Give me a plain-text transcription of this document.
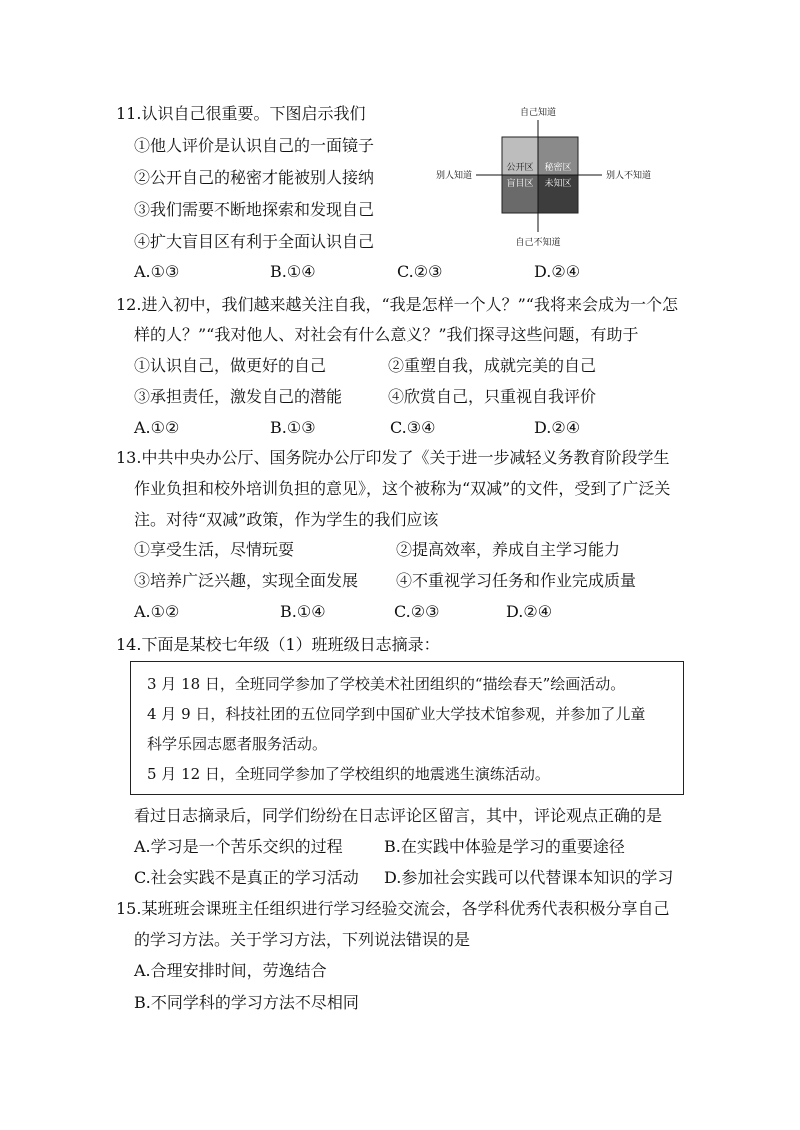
11.认识自己很重要。下图启示我们
①他人评价是认识自己的一面镜子
②公开自己的秘密才能被别人接纳
③我们需要不断地探索和发现自己
④扩大盲目区有利于全面认识自己
A.①③	B.①④	C.②③	D.②④
自己知道
自己不知道
别人知道	别人不知道
公开区 秘密区
盲目区 未知区
12.进入初中，我们越来越关注自我，“我是怎样一个人？”“我将来会成为一个怎
样的人？”“我对他人、对社会有什么意义？”我们探寻这些问题，有助于
①认识自己，做更好的自己	②重塑自我，成就完美的自己
③承担责任，激发自己的潜能	④欣赏自己，只重视自我评价
A.①②	B.①③	C.③④	D.②④
13.中共中央办公厅、国务院办公厅印发了《关于进一步减轻义务教育阶段学生
作业负担和校外培训负担的意见》，这个被称为“双减”的文件，受到了广泛关
注。对待“双减”政策，作为学生的我们应该
①享受生活，尽情玩耍	②提高效率，养成自主学习能力
③培养广泛兴趣，实现全面发展 ④不重视学习任务和作业完成质量
A.①②	B.①④	C.②③	D.②④
14.下面是某校七年级（1）班班级日志摘录：
3 月 18 日，全班同学参加了学校美术社团组织的“描绘春天”绘画活动。
4 月 9 日，科技社团的五位同学到中国矿业大学技术馆参观，并参加了儿童
科学乐园志愿者服务活动。
5 月 12 日，全班同学参加了学校组织的地震逃生演练活动。
看过日志摘录后，同学们纷纷在日志评论区留言，其中，评论观点正确的是
A.学习是一个苦乐交织的过程	B.在实践中体验是学习的重要途径
C.社会实践不是真正的学习活动 D.参加社会实践可以代替课本知识的学习
15.某班班会课班主任组织进行学习经验交流会，各学科优秀代表积极分享自己
的学习方法。关于学习方法，下列说法错误的是
A.合理安排时间，劳逸结合
B.不同学科的学习方法不尽相同
